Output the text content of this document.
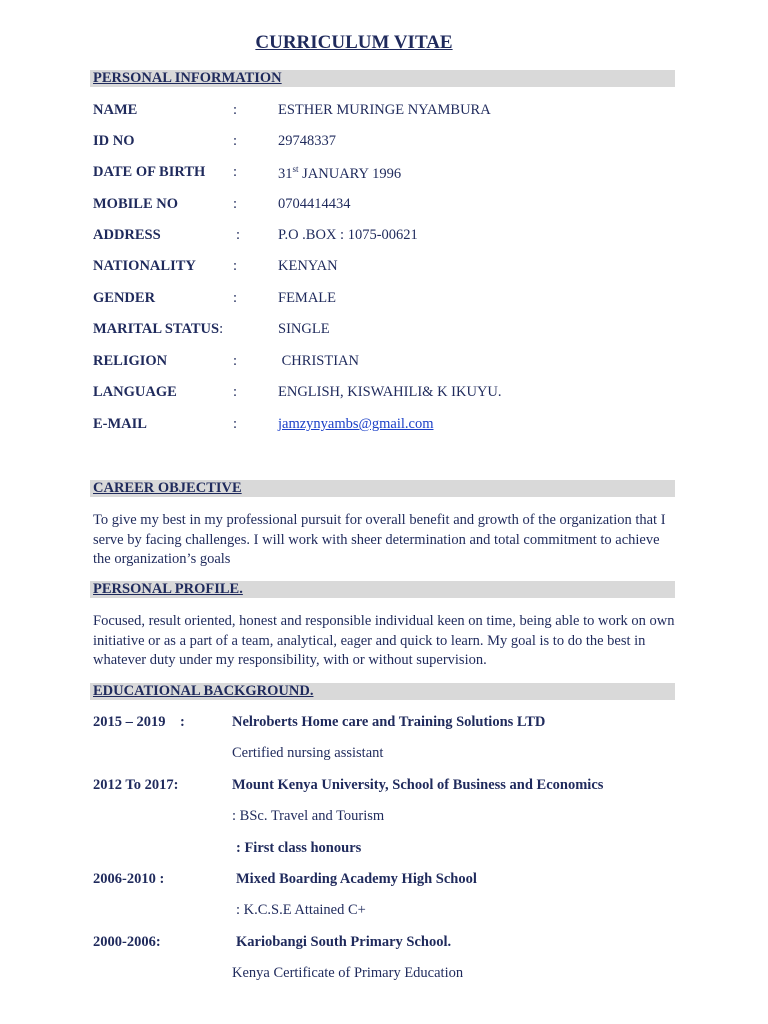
CURRICULUM VITAE
PERSONAL INFORMATION
NAME	:	ESTHER MURINGE NYAMBURA
ID NO	:	29748337
DATE OF BIRTH :	31st JANUARY 1996
MOBILE NO	:	0704414434
ADDRESS	:	P.O .BOX : 1075-00621
NATIONALITY	:	KENYAN
GENDER	:	FEMALE
MARITAL STATUS:	SINGLE
RELIGION	:	CHRISTIAN
LANGUAGE	:	ENGLISH, KISWAHILI& K IKUYU.
E-MAIL	:	jamzynyambs@gmail.com
CAREER OBJECTIVE
To give my best in my professional pursuit for overall benefit and growth of the organization that I serve by facing challenges. I will work with sheer determination and total commitment to achieve the organization’s goals
PERSONAL PROFILE.
Focused, result oriented, honest and responsible individual keen on time, being able to work on own initiative or as a part of a team, analytical, eager and quick to learn. My goal is to do the best in whatever duty under my responsibility, with or without supervision.
EDUCATIONAL BACKGROUND.
2015 – 2019    :	Nelroberts Home care and Training Solutions LTD
Certified nursing assistant
2012 To 2017:	Mount Kenya University, School of Business and Economics
: BSc. Travel and Tourism
: First class honours
2006-2010 :	Mixed Boarding Academy High School
: K.C.S.E Attained C+
2000-2006:	Kariobangi South Primary School.
Kenya Certificate of Primary Education
